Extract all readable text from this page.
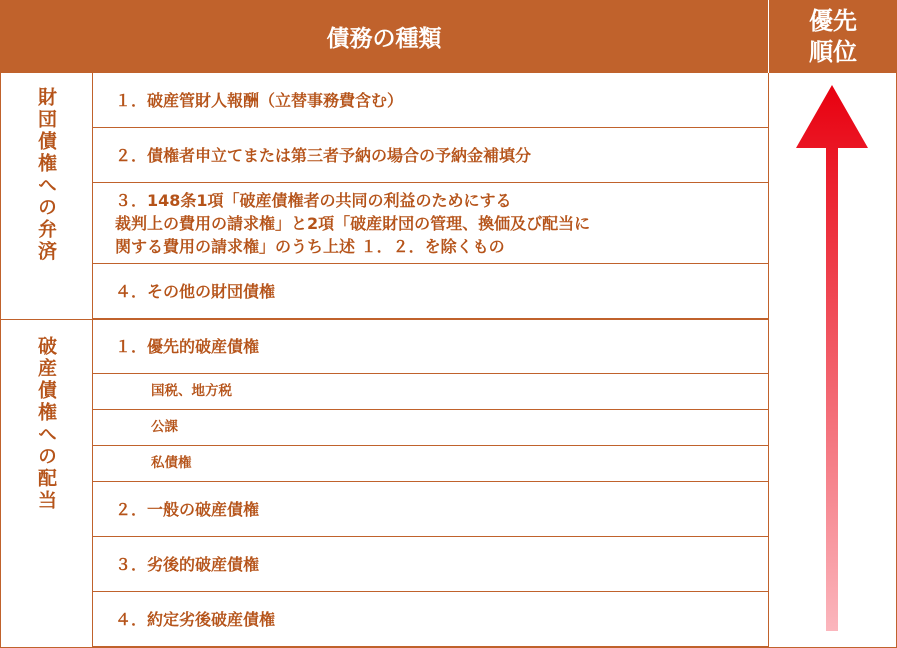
債務の種類
優先
順位
財団債権への弁済
破産債権への配当
１．破産管財人報酬（立替事務費含む）
２．債権者申立てまたは第三者予納の場合の予納金補填分
３．148条1項「破産債権者の共同の利益のためにする
裁判上の費用の請求権」と2項「破産財団の管理、換価及び配当に
関する費用の請求権」のうち上述 １．２．を除くもの
４．その他の財団債権
１．優先的破産債権
国税、地方税
公課
私債権
２．一般の破産債権
３．劣後的破産債権
４．約定劣後破産債権
